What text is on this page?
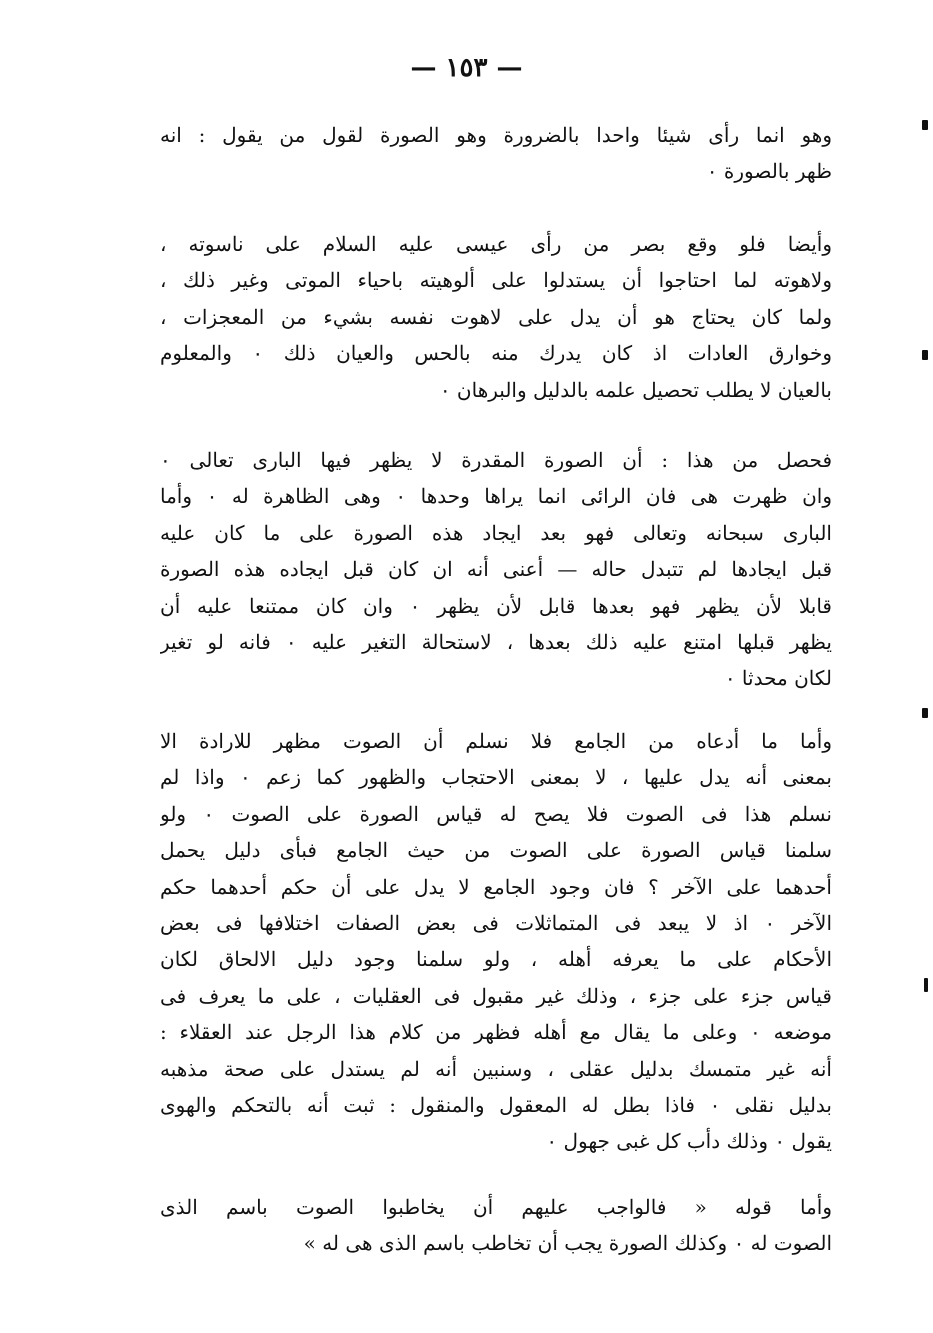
— ١٥٣ —
وهو انما رأى شيئا واحدا بالضرورة وهو الصورة لقول من يقول : انه
ظهر بالصورة ٠
وأيضا فلو وقع بصر من رأى عيسى عليه السلام على ناسوته ،
ولاهوته لما احتاجوا أن يستدلوا على ألوهيته باحياء الموتى وغير ذلك ،
ولما كان يحتاج هو أن يدل على لاهوت نفسه بشيء من المعجزات ،
وخوارق العادات اذ كان يدرك منه بالحس والعيان ذلك ٠ والمعلوم
بالعيان لا يطلب تحصيل علمه بالدليل والبرهان ٠
فحصل من هذا : أن الصورة المقدرة لا يظهر فيها البارى تعالى ٠
وان ظهرت هى فان الرائى انما يراها وحدها ٠ وهى الظاهرة له ٠ وأما
البارى سبحانه وتعالى فهو بعد ايجاد هذه الصورة على ما كان عليه
قبل ايجادها لم تتبدل حاله — أعنى أنه ان كان قبل ايجاده هذه الصورة
قابلا لأن يظهر فهو بعدها قابل لأن يظهر ٠ وان كان ممتنعا عليه أن
يظهر قبلها امتنع عليه ذلك بعدها ، لاستحالة التغير عليه ٠ فانه لو تغير
لكان محدثا ٠
وأما ما أدعاه من الجامع فلا نسلم أن الصوت مظهر للارادة الا
بمعنى أنه يدل عليها ، لا بمعنى الاحتجاب والظهور كما زعم ٠ واذا لم
نسلم هذا فى الصوت فلا يصح له قياس الصورة على الصوت ٠ ولو
سلمنا قياس الصورة على الصوت من حيث الجامع فبأى دليل يحمل
أحدهما على الآخر ؟ فان وجود الجامع لا يدل على أن حكم أحدهما حكم
الآخر ٠ اذ لا يبعد فى المتماثلات فى بعض الصفات اختلافها فى بعض
الأحكام على ما يعرفه أهله ، ولو سلمنا وجود دليل الالحاق لكان
قياس جزء على جزء ، وذلك غير مقبول فى العقليات ، على ما يعرف فى
موضعه ٠ وعلى ما يقال مع أهله فظهر من كلام هذا الرجل عند العقلاء :
أنه غير متمسك بدليل عقلى ، وسنبين أنه لم يستدل على صحة مذهبه
بدليل نقلى ٠ فاذا بطل له المعقول والمنقول : ثبت أنه بالتحكم والهوى
يقول ٠ وذلك دأب كل غبى جهول ٠
وأما قوله « فالواجب عليهم أن يخاطبوا الصوت باسم الذى
الصوت له ٠ وكذلك الصورة يجب أن تخاطب باسم الذى هى له »
